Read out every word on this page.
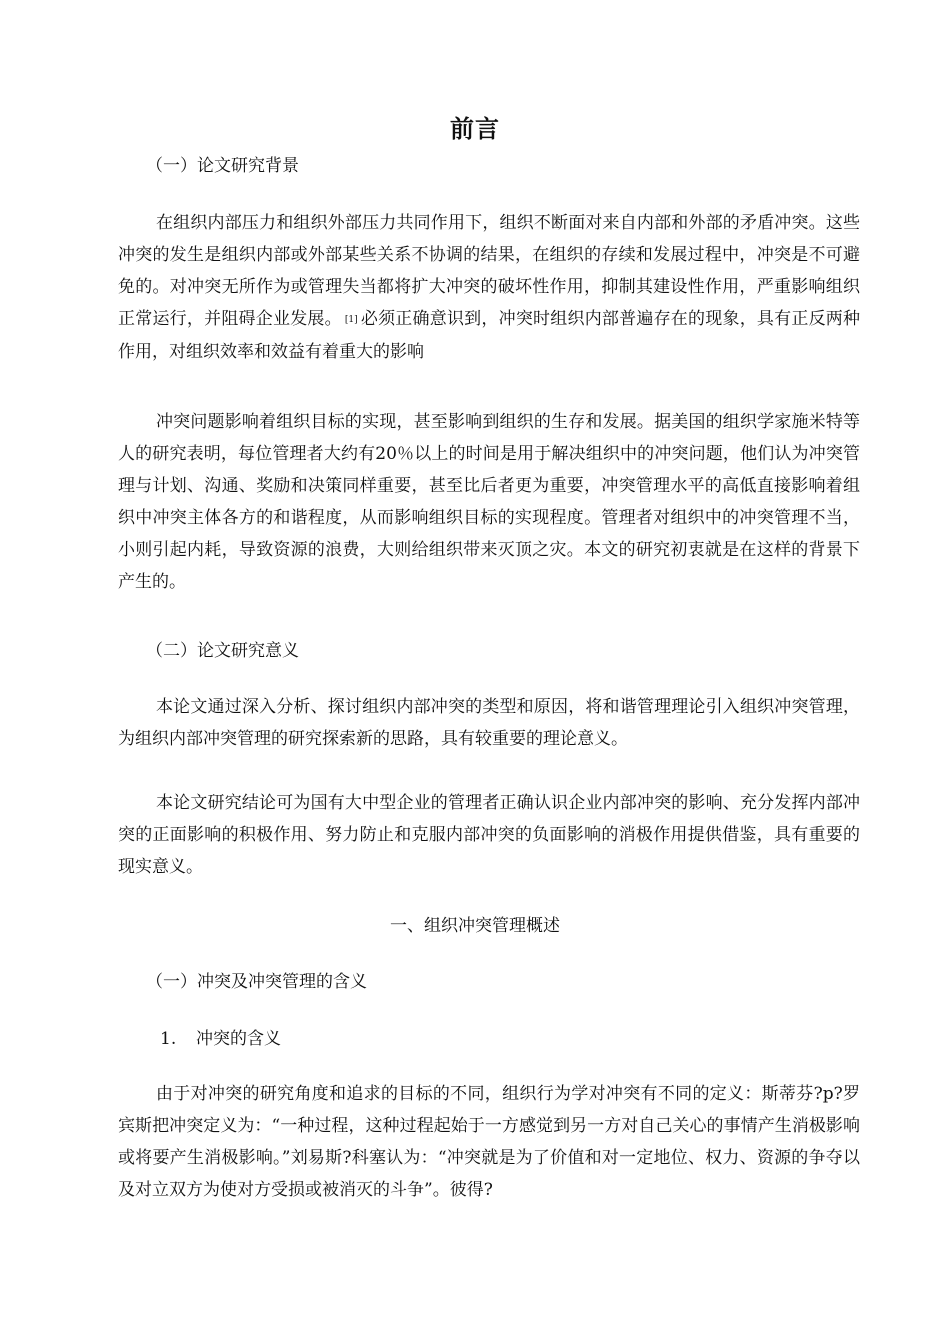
前言
（一）论文研究背景
在组织内部压力和组织外部压力共同作用下，组织不断面对来自内部和外部的矛盾冲突。这些冲突的发生是组织内部或外部某些关系不协调的结果，在组织的存续和发展过程中，冲突是不可避免的。对冲突无所作为或管理失当都将扩大冲突的破坏性作用，抑制其建设性作用，严重影响组织正常运行，并阻碍企业发展。 [1] 必须正确意识到，冲突时组织内部普遍存在的现象，具有正反两种作用，对组织效率和效益有着重大的影响
冲突问题影响着组织目标的实现，甚至影响到组织的生存和发展。据美国的组织学家施米特等人的研究表明，每位管理者大约有20％以上的时间是用于解决组织中的冲突问题，他们认为冲突管理与计划、沟通、奖励和决策同样重要，甚至比后者更为重要，冲突管理水平的高低直接影响着组织中冲突主体各方的和谐程度，从而影响组织目标的实现程度。管理者对组织中的冲突管理不当，小则引起内耗，导致资源的浪费，大则给组织带来灭顶之灾。本文的研究初衷就是在这样的背景下产生的。
（二）论文研究意义
本论文通过深入分析、探讨组织内部冲突的类型和原因，将和谐管理理论引入组织冲突管理，为组织内部冲突管理的研究探索新的思路，具有较重要的理论意义。
本论文研究结论可为国有大中型企业的管理者正确认识企业内部冲突的影响、充分发挥内部冲突的正面影响的积极作用、努力防止和克服内部冲突的负面影响的消极作用提供借鉴，具有重要的现实意义。
一、组织冲突管理概述
（一）冲突及冲突管理的含义
1. 冲突的含义
由于对冲突的研究角度和追求的目标的不同，组织行为学对冲突有不同的定义：斯蒂芬?p?罗宾斯把冲突定义为：“一种过程，这种过程起始于一方感觉到另一方对自己关心的事情产生消极影响或将要产生消极影响。”刘易斯?科塞认为：“冲突就是为了价值和对一定地位、权力、资源的争夺以及对立双方为使对方受损或被消灭的斗争”。彼得?
